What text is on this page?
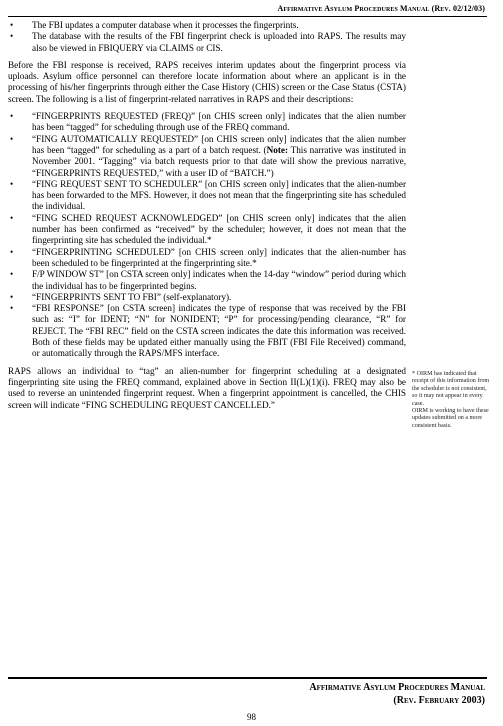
Affirmative Asylum Procedures Manual (Rev. 02/12/03)
• The FBI updates a computer database when it processes the fingerprints.
• The database with the results of the FBI fingerprint check is uploaded into RAPS. The results may also be viewed in FBIQUERY via CLAIMS or CIS.

Before the FBI response is received, RAPS receives interim updates about the fingerprint process via uploads. Asylum office personnel can therefore locate information about where an applicant is in the processing of his/her fingerprints through either the Case History (CHIS) screen or the Case Status (CSTA) screen. The following is a list of fingerprint-related narratives in RAPS and their descriptions:

• “FINGERPRINTS REQUESTED (FREQ)” [on CHIS screen only] indicates that the alien number has been “tagged” for scheduling through use of the FREQ command.
• “FING AUTOMATICALLY REQUESTED” [on CHIS screen only] indicates that the alien number has been “tagged” for scheduling as a part of a batch request. (Note: This narrative was instituted in November 2001. “Tagging” via batch requests prior to that date will show the previous narrative, “FINGERPRINTS REQUESTED,” with a user ID of “BATCH.”)
• “FING REQUEST SENT TO SCHEDULER” [on CHIS screen only] indicates that the alien-number has been forwarded to the MFS. However, it does not mean that the fingerprinting site has scheduled the individual.
• “FING SCHED REQUEST ACKNOWLEDGED” [on CHIS screen only] indicates that the alien number has been confirmed as “received” by the scheduler; however, it does not mean that the fingerprinting site has scheduled the individual.*
• “FINGERPRINTING SCHEDULED” [on CHIS screen only] indicates that the alien-number has been scheduled to be fingerprinted at the fingerprinting site.*
• F/P WINDOW ST” [on CSTA screen only] indicates when the 14-day “window” period during which the individual has to be fingerprinted begins.
• “FINGERPRINTS SENT TO FBI” (self-explanatory).
• “FBI RESPONSE” [on CSTA screen] indicates the type of response that was received by the FBI such as: “I” for IDENT; “N” for NONIDENT; “P” for processing/pending clearance, “R” for REJECT. The “FBI REC” field on the CSTA screen indicates the date this information was received. Both of these fields may be updated either manually using the FBIT (FBI File Received) command, or automatically through the RAPS/MFS interface.

RAPS allows an individual to “tag” an alien-number for fingerprint scheduling at a designated fingerprinting site using the FREQ command, explained above in Section II(L)(1)(i). FREQ may also be used to reverse an unintended fingerprint request. When a fingerprint appointment is cancelled, the CHIS screen will indicate “FING SCHEDULING REQUEST CANCELLED.”

* OIRM has indicated that receipt of this information from the scheduler is not consistent, so it may not appear in every case.

OIRM is working to have these updates submitted on a more consistent basis.

Affirmative Asylum Procedures Manual
(Rev. February 2003)
98
